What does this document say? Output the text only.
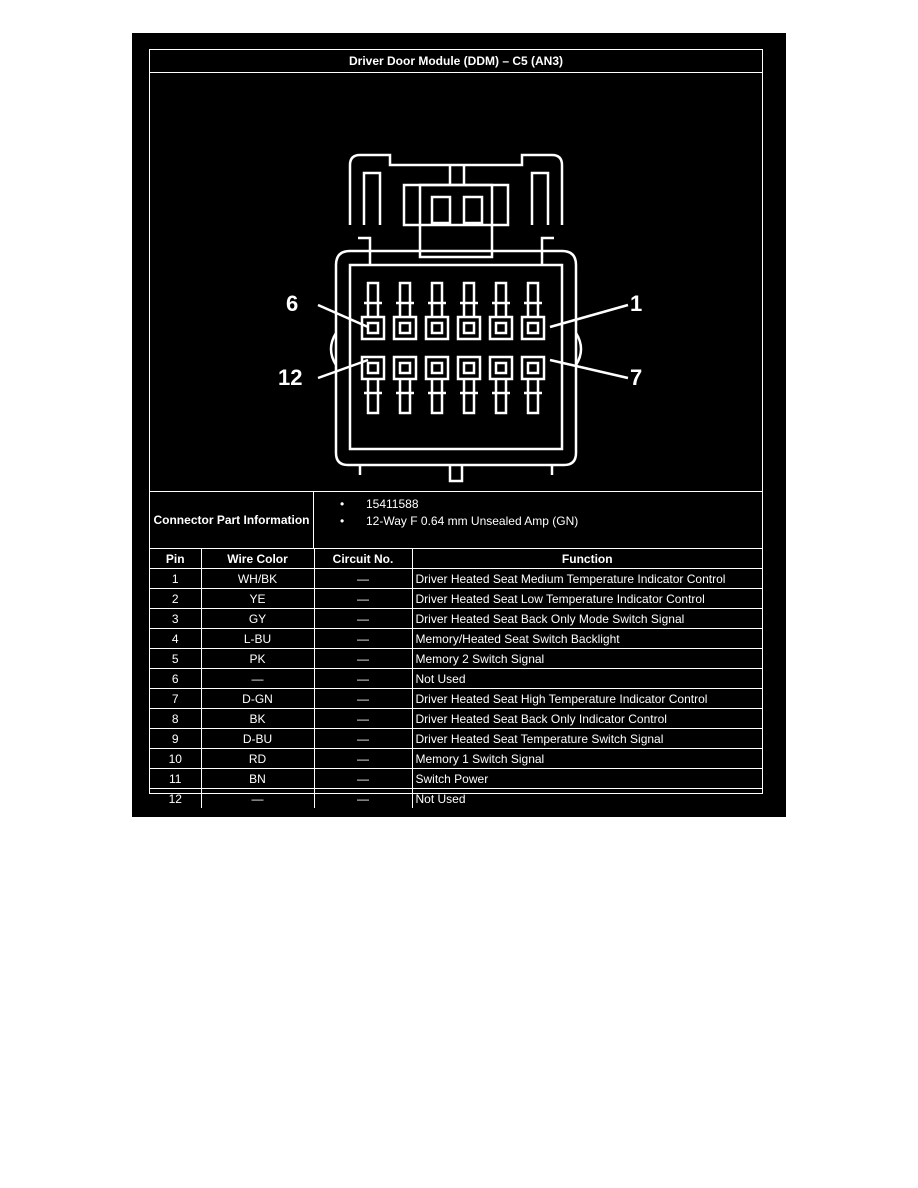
Driver Door Module (DDM) – C5 (AN3)
6	1
12	7
Connector Part Information
• 15411588
• 12-Way F 0.64 mm Unsealed Amp (GN)
Pin	Wire Color	Circuit No.	Function
1	WH/BK	—	Driver Heated Seat Medium Temperature Indicator Control
2	YE	—	Driver Heated Seat Low Temperature Indicator Control
3	GY	—	Driver Heated Seat Back Only Mode Switch Signal
4	L-BU	—	Memory/Heated Seat Switch Backlight
5	PK	—	Memory 2 Switch Signal
6	—	—	Not Used
7	D-GN	—	Driver Heated Seat High Temperature Indicator Control
8	BK	—	Driver Heated Seat Back Only Indicator Control
9	D-BU	—	Driver Heated Seat Temperature Switch Signal
10	RD	—	Memory 1 Switch Signal
11	BN	—	Switch Power
12	—	—	Not Used
